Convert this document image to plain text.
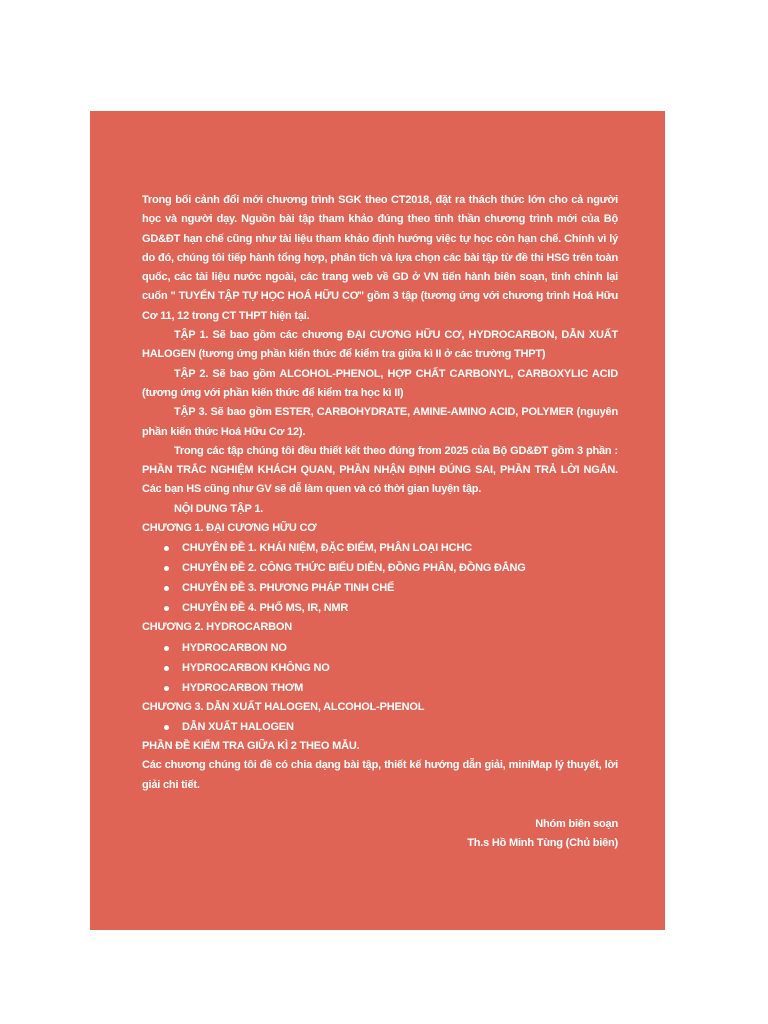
Trong bối cảnh đổi mới chương trình SGK theo CT2018, đặt ra thách thức lớn cho cả người học và người dạy. Nguồn bài tập tham khảo đúng theo tinh thần chương trình mới của Bộ GD&ĐT hạn chế cũng như tài liệu tham khảo định hướng việc tự học còn hạn chế. Chính vì lý do đó, chúng tôi tiếp hành tổng hợp, phân tích và lựa chọn các bài tập từ đề thi HSG trên toàn quốc, các tài liệu nước ngoài, các trang web về GD ở VN tiến hành biên soạn, tinh chỉnh lại cuốn " TUYỂN TẬP TỰ HỌC HOÁ HỮU CƠ" gồm 3 tập (tương ứng với chương trình Hoá Hữu Cơ 11, 12 trong CT THPT hiện tại.

TẬP 1. Sẽ bao gồm các chương ĐẠI CƯƠNG HỮU CƠ, HYDROCARBON, DẪN XUẤT HALOGEN (tương ứng phần kiến thức để kiểm tra giữa kì II ở các trường THPT)

TẬP 2. Sẽ bao gồm ALCOHOL-PHENOL, HỢP CHẤT CARBONYL, CARBOXYLIC ACID (tương ứng với phần kiến thức để kiểm tra học kì II)

TẬP 3. Sẽ bao gồm ESTER, CARBOHYDRATE, AMINE-AMINO ACID, POLYMER (nguyên phần kiến thức Hoá Hữu Cơ 12).

Trong các tập chúng tôi đều thiết kết theo đúng from 2025 của Bộ GD&ĐT gồm 3 phần : PHẦN TRẮC NGHIỆM KHÁCH QUAN, PHẦN NHẬN ĐỊNH ĐÚNG SAI, PHẦN TRẢ LỜI NGẮN. Các bạn HS cũng như GV sẽ dễ làm quen và có thời gian luyện tập.

NỘI DUNG TẬP 1.

CHƯƠNG 1. ĐẠI CƯƠNG HỮU CƠ

CHUYÊN ĐỀ 1. KHÁI NIỆM, ĐẶC ĐIỂM, PHÂN LOẠI HCHC
CHUYÊN ĐỀ 2. CÔNG THỨC BIỂU DIỄN, ĐỒNG PHÂN, ĐỒNG ĐẲNG
CHUYÊN ĐỀ 3. PHƯƠNG PHÁP TINH CHẾ
CHUYÊN ĐỀ 4. PHỔ MS, IR, NMR

CHƯƠNG 2. HYDROCARBON

HYDROCARBON NO
HYDROCARBON KHÔNG NO
HYDROCARBON THƠM

CHƯƠNG 3. DẪN XUẤT HALOGEN, ALCOHOL-PHENOL

DẪN XUẤT HALOGEN

PHẦN ĐỀ KIỂM TRA GIỮA KÌ 2 THEO MẪU.

Các chương chúng tôi đề có chia dạng bài tập, thiết kế hướng dẫn giải, miniMap lý thuyết, lời giải chi tiết.

Nhóm biên soạn

Th.s Hồ Minh Tùng (Chủ biên)
